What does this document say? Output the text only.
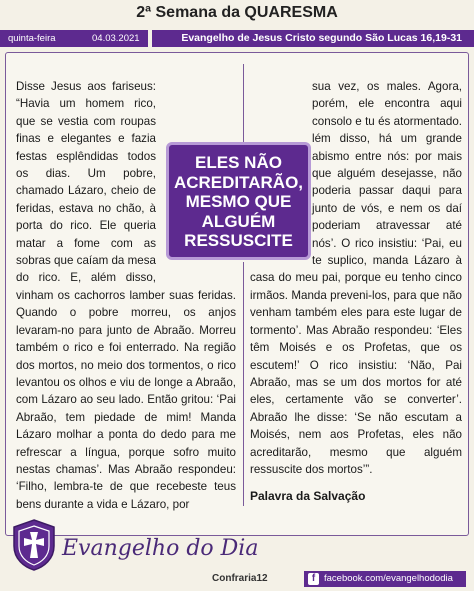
2ª Semana da QUARESMA
quinta-feira	04.03.2021	Evangelho de Jesus Cristo segundo São Lucas 16,19-31

Disse Jesus aos fariseus: “Havia um homem rico, que se vestia com roupas finas e elegantes e fazia festas esplêndidas todos os dias. Um pobre, chamado Lázaro, cheio de feridas, estava no chão, à porta do rico. Ele queria matar a fome com as sobras que caíam da mesa do rico. E, além disso, vinham os cachorros lamber suas feridas. Quando o pobre morreu, os anjos levaram-no para junto de Abraão. Morreu também o rico e foi enterrado. Na região dos mortos, no meio dos tormentos, o rico levantou os olhos e viu de longe a Abraão, com Lázaro ao seu lado. Então gritou: ‘Pai Abraão, tem piedade de mim! Manda Lázaro molhar a ponta do dedo para me refrescar a língua, porque sofro muito nestas chamas’. Mas Abraão respondeu: ‘Filho, lembra-te de que recebeste teus bens durante a vida e Lázaro, por

sua vez, os males. Agora, porém, ele encontra aqui consolo e tu és atormentado. lém disso, há um grande abismo entre nós: por mais que alguém desejasse, não poderia passar daqui para junto de vós, e nem os daí poderiam atravessar até nós’. O rico insistiu: ‘Pai, eu te suplico, manda Lázaro à casa do meu pai, porque eu tenho cinco irmãos. Manda preveni-los, para que não venham também eles para este lugar de tormento’. Mas Abraão respondeu: ‘Eles têm Moisés e os Profetas, que os escutem!’ O rico insistiu: ‘Não, Pai Abraão, mas se um dos mortos for até eles, certamente vão se converter’. Abraão lhe disse: ‘Se não escutam a Moisés, nem aos Profetas, eles não acreditarão, mesmo que alguém ressuscite dos mortos’”.

Palavra da Salvação

ELES NÃO
ACREDITARÃO,
MESMO QUE
ALGUÉM
RESSUSCITE
Evangelho do Dia
Confraria12	f facebook.com/evangelhododia
